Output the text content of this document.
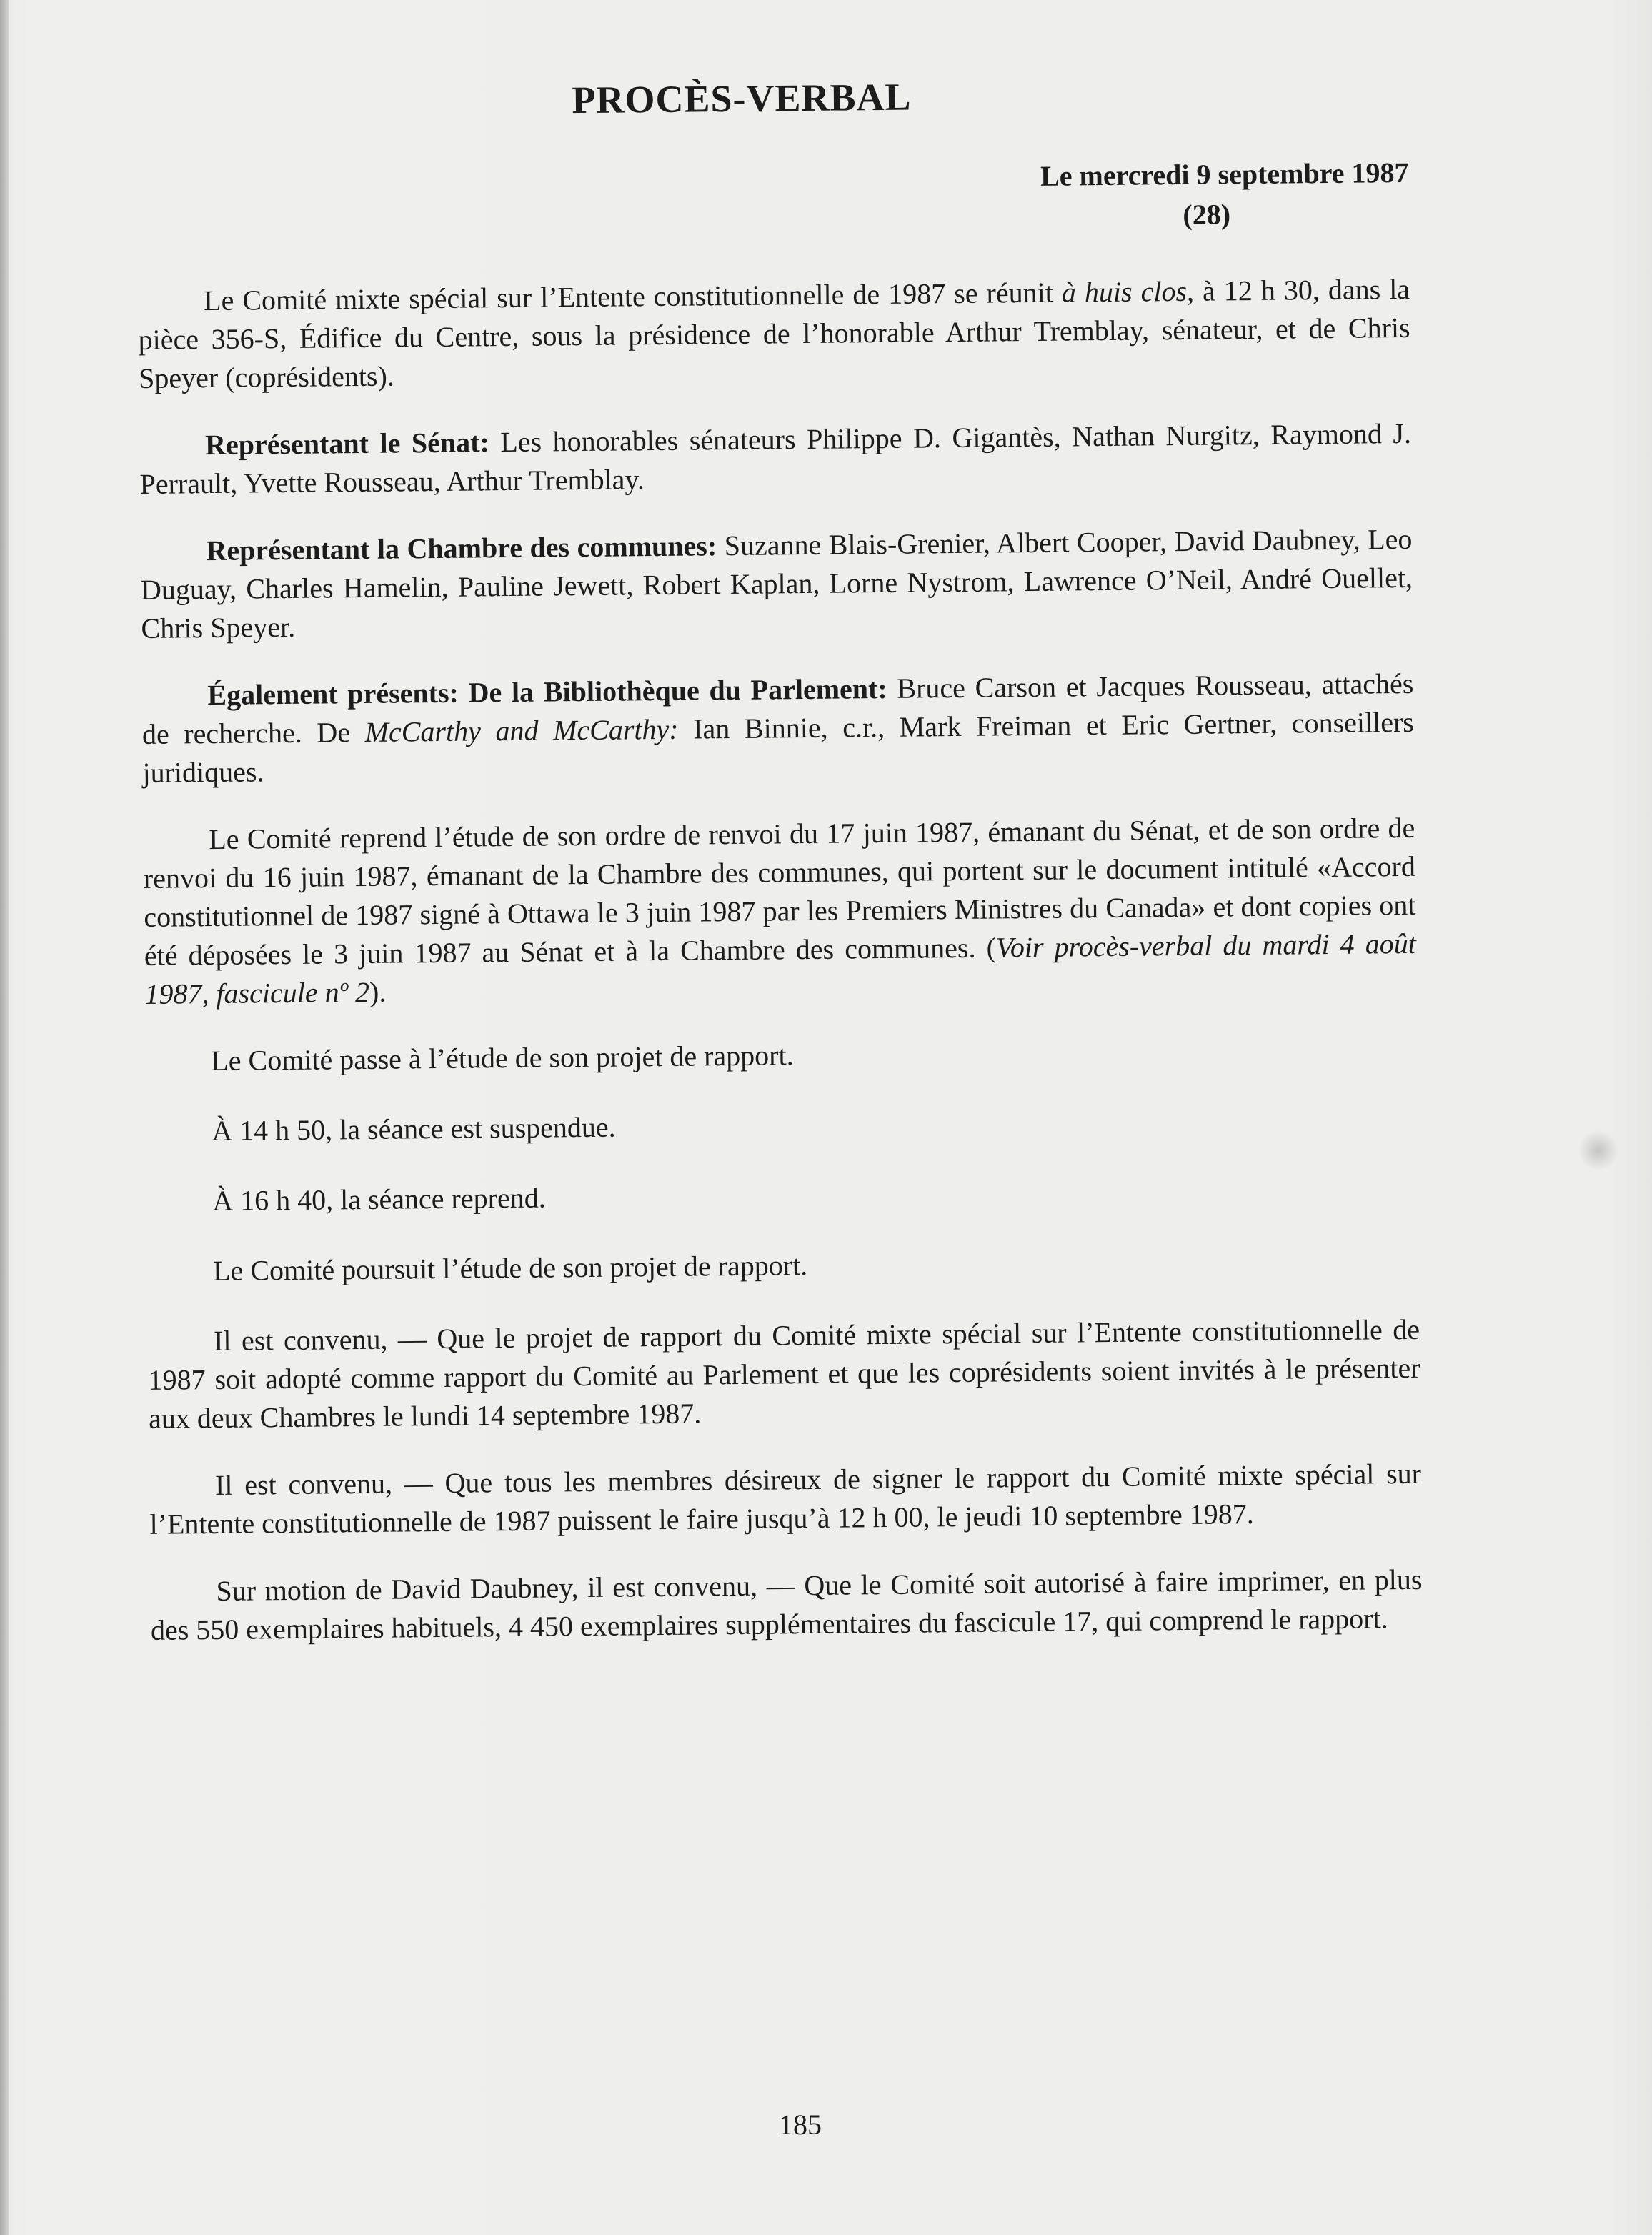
PROCÈS-VERBAL
Le mercredi 9 septembre 1987
(28)

Le Comité mixte spécial sur l’Entente constitutionnelle de 1987 se réunit à huis clos, à 12 h 30, dans la pièce 356-S, Édifice du Centre, sous la présidence de l’honorable Arthur Tremblay, sénateur, et de Chris Speyer (coprésidents).

Représentant le Sénat: Les honorables sénateurs Philippe D. Gigantès, Nathan Nurgitz, Raymond J. Perrault, Yvette Rousseau, Arthur Tremblay.

Représentant la Chambre des communes: Suzanne Blais-Grenier, Albert Cooper, David Daubney, Leo Duguay, Charles Hamelin, Pauline Jewett, Robert Kaplan, Lorne Nystrom, Lawrence O’Neil, André Ouellet, Chris Speyer.

Également présents: De la Bibliothèque du Parlement: Bruce Carson et Jacques Rousseau, attachés de recherche. De McCarthy and McCarthy: Ian Binnie, c.r., Mark Freiman et Eric Gertner, conseillers juridiques.

Le Comité reprend l’étude de son ordre de renvoi du 17 juin 1987, émanant du Sénat, et de son ordre de renvoi du 16 juin 1987, émanant de la Chambre des communes, qui portent sur le document intitulé «Accord constitutionnel de 1987 signé à Ottawa le 3 juin 1987 par les Premiers Ministres du Canada» et dont copies ont été déposées le 3 juin 1987 au Sénat et à la Chambre des communes. (Voir procès-verbal du mardi 4 août 1987, fascicule nº 2).

Le Comité passe à l’étude de son projet de rapport.

À 14 h 50, la séance est suspendue.

À 16 h 40, la séance reprend.

Le Comité poursuit l’étude de son projet de rapport.

Il est convenu, — Que le projet de rapport du Comité mixte spécial sur l’Entente constitutionnelle de 1987 soit adopté comme rapport du Comité au Parlement et que les coprésidents soient invités à le présenter aux deux Chambres le lundi 14 septembre 1987.

Il est convenu, — Que tous les membres désireux de signer le rapport du Comité mixte spécial sur l’Entente constitutionnelle de 1987 puissent le faire jusqu’à 12 h 00, le jeudi 10 septembre 1987.

Sur motion de David Daubney, il est convenu, — Que le Comité soit autorisé à faire imprimer, en plus des 550 exemplaires habituels, 4 450 exemplaires supplémentaires du fascicule 17, qui comprend le rapport.

185
